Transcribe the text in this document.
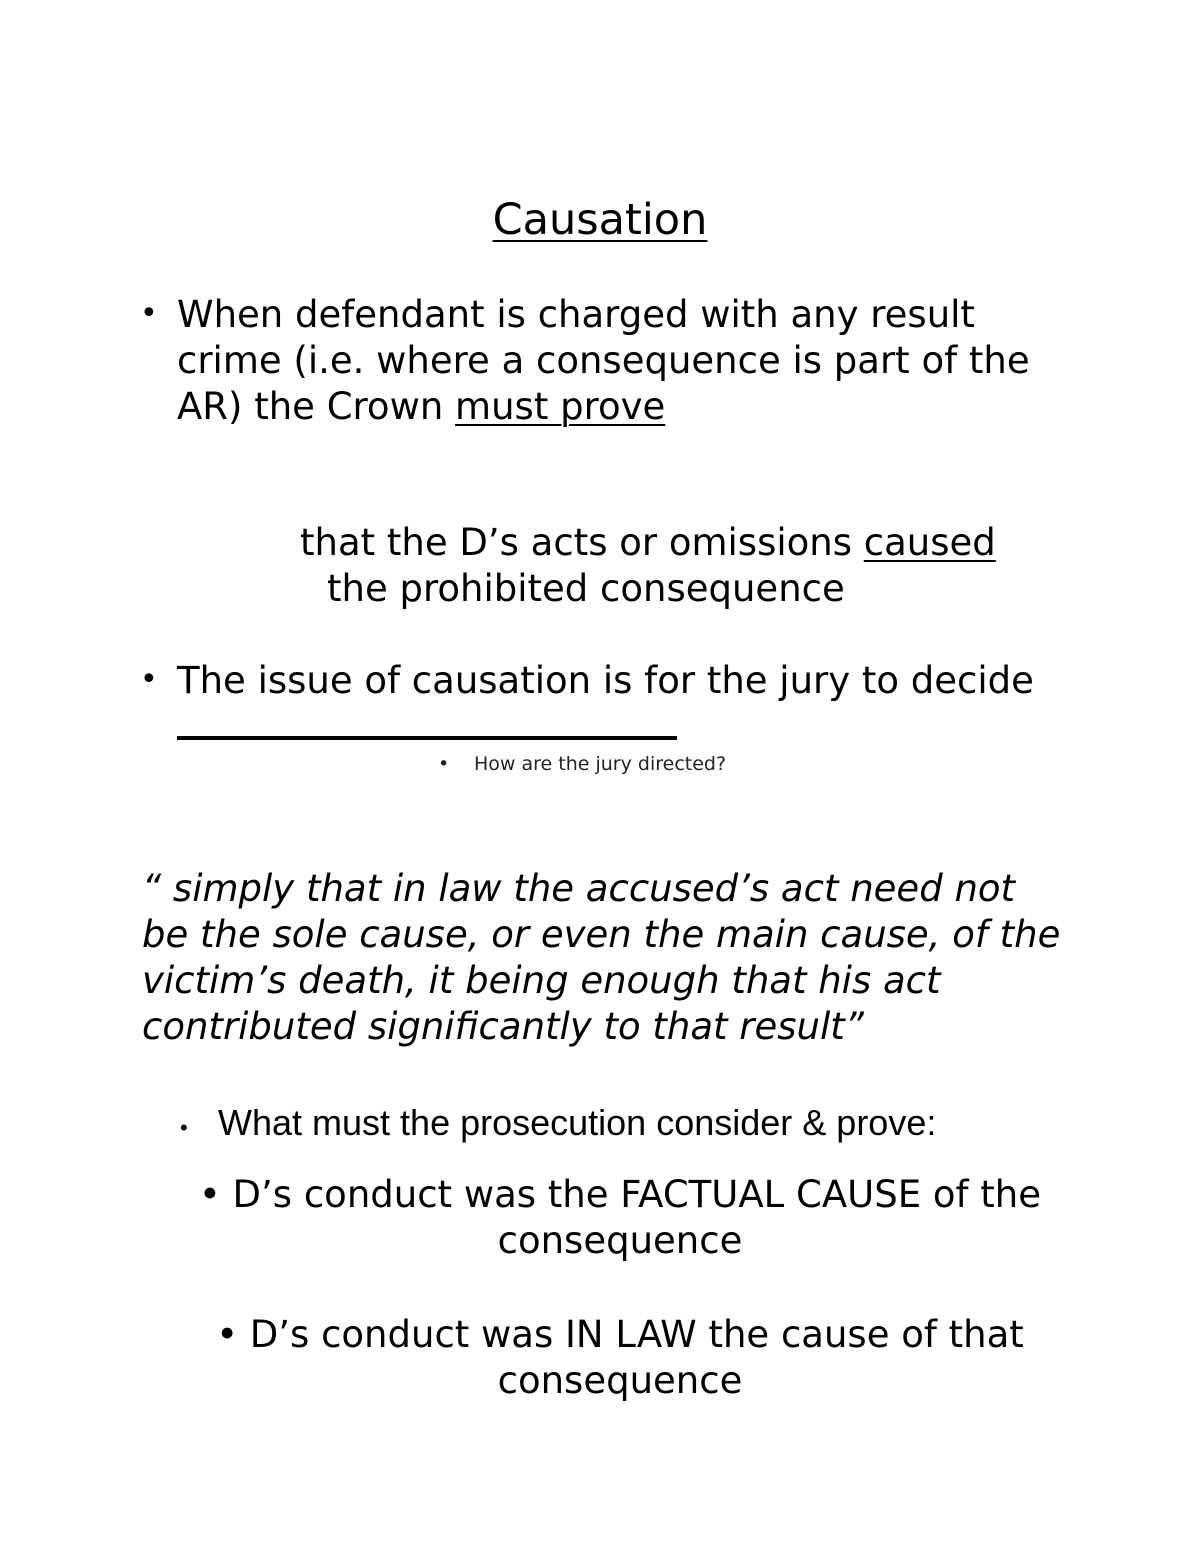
Causation
• When defendant is charged with any result crime (i.e. where a consequence is part of the AR) the Crown must prove
that the D’s acts or omissions caused
the prohibited consequence
• The issue of causation is for the jury to decide
• How are the jury directed?
“ simply that in law the accused’s act need not be the sole cause, or even the main cause, of the victim’s death, it being enough that his act contributed significantly to that result”
• What must the prosecution consider & prove:
• D’s conduct was the FACTUAL CAUSE of the consequence
• D’s conduct was IN LAW the cause of that consequence
